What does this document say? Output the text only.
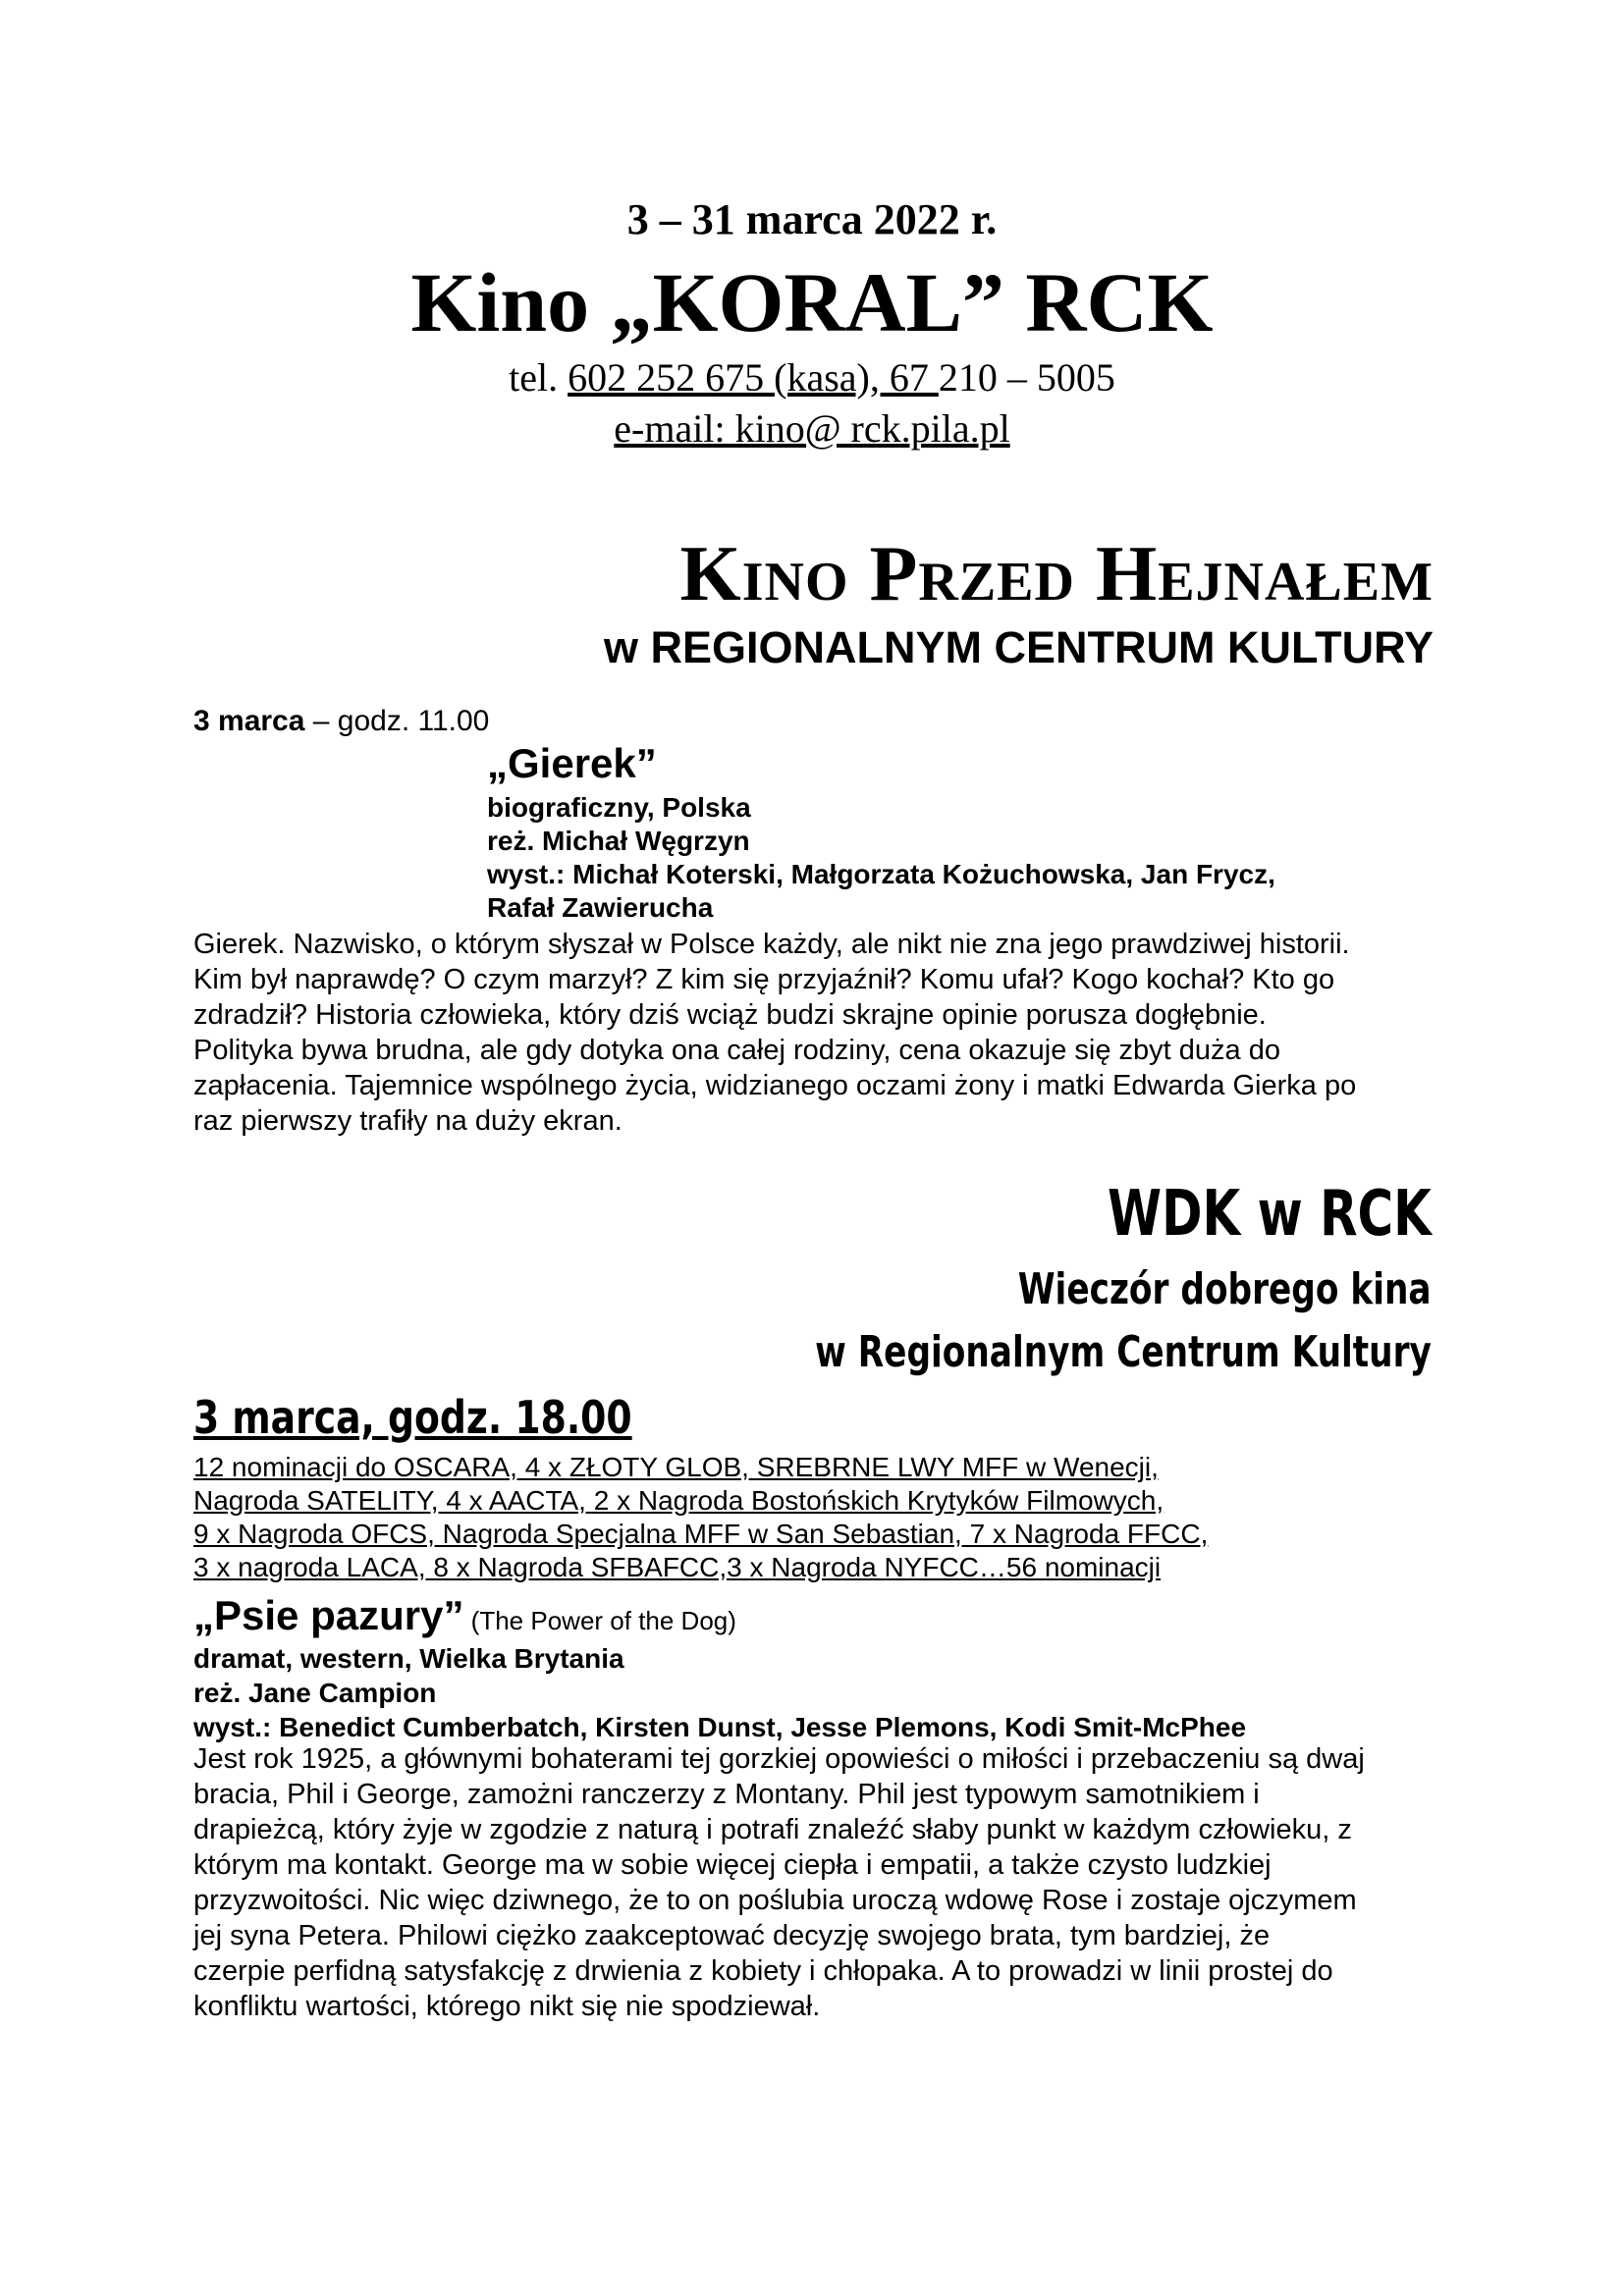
3 – 31 marca 2022 r.
Kino „KORAL” RCK
tel. 602 252 675 (kasa), 67 210 – 5005
e-mail: kino@ rck.pila.pl
Kino Przed Hejnałem
w REGIONALNYM CENTRUM KULTURY
3 marca – godz. 11.00
„Gierek”
biograficzny, Polska
reż. Michał Węgrzyn
wyst.: Michał Koterski, Małgorzata Kożuchowska, Jan Frycz,
Rafał Zawierucha
Gierek. Nazwisko, o którym słyszał w Polsce każdy, ale nikt nie zna jego prawdziwej historii.
Kim był naprawdę? O czym marzył? Z kim się przyjaźnił? Komu ufał? Kogo kochał? Kto go
zdradził? Historia człowieka, który dziś wciąż budzi skrajne opinie porusza dogłębnie.
Polityka bywa brudna, ale gdy dotyka ona całej rodziny, cena okazuje się zbyt duża do
zapłacenia. Tajemnice wspólnego życia, widzianego oczami żony i matki Edwarda Gierka po
raz pierwszy trafiły na duży ekran.
WDK w RCK
Wieczór dobrego kina
w Regionalnym Centrum Kultury
3 marca, godz. 18.00
12 nominacji do OSCARA, 4 x ZŁOTY GLOB, SREBRNE LWY MFF w Wenecji,
Nagroda SATELITY, 4 x AACTA, 2 x Nagroda Bostońskich Krytyków Filmowych,
9 x Nagroda OFCS, Nagroda Specjalna MFF w San Sebastian, 7 x Nagroda FFCC,
3 x nagroda LACA, 8 x Nagroda SFBAFCC,3 x Nagroda NYFCC…56 nominacji
„Psie pazury” (The Power of the Dog)
dramat, western, Wielka Brytania
reż. Jane Campion
wyst.: Benedict Cumberbatch, Kirsten Dunst, Jesse Plemons, Kodi Smit-McPhee
Jest rok 1925, a głównymi bohaterami tej gorzkiej opowieści o miłości i przebaczeniu są dwaj
bracia, Phil i George, zamożni ranczerzy z Montany. Phil jest typowym samotnikiem i
drapieżcą, który żyje w zgodzie z naturą i potrafi znaleźć słaby punkt w każdym człowieku, z
którym ma kontakt. George ma w sobie więcej ciepła i empatii, a także czysto ludzkiej
przyzwoitości. Nic więc dziwnego, że to on poślubia uroczą wdowę Rose i zostaje ojczymem
jej syna Petera. Philowi ciężko zaakceptować decyzję swojego brata, tym bardziej, że
czerpie perfidną satysfakcję z drwienia z kobiety i chłopaka. A to prowadzi w linii prostej do
konfliktu wartości, którego nikt się nie spodziewał.
